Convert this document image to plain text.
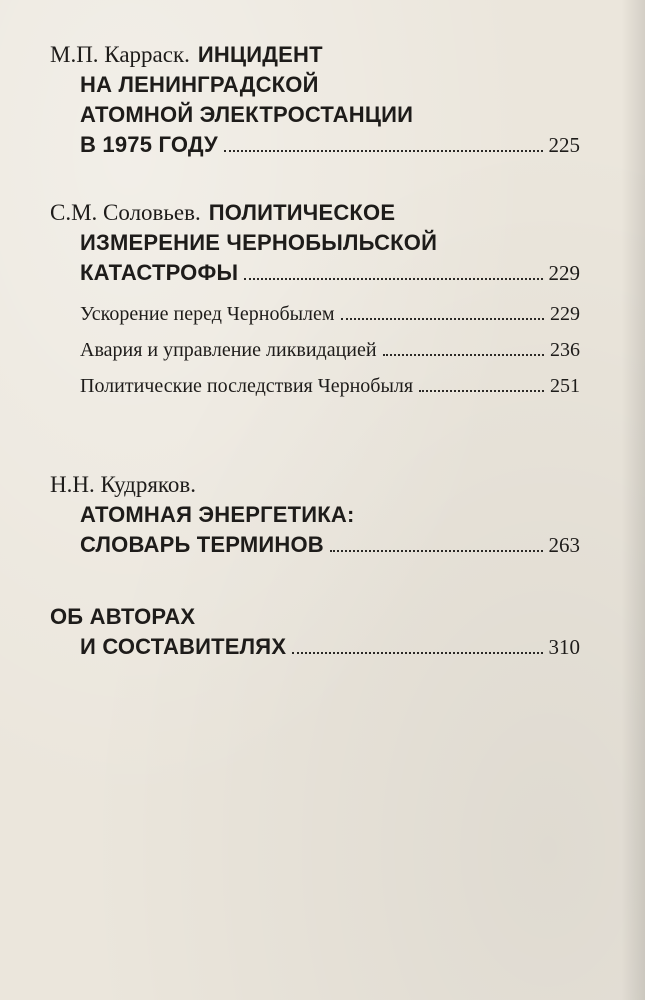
М.П. Карраск. ИНЦИДЕНТ
НА ЛЕНИНГРАДСКОЙ
АТОМНОЙ ЭЛЕКТРОСТАНЦИИ
В 1975 ГОДУ	225
С.М. Соловьев. ПОЛИТИЧЕСКОЕ
ИЗМЕРЕНИЕ ЧЕРНОБЫЛЬСКОЙ
КАТАСТРОФЫ	229
Ускорение перед Чернобылем	229
Авария и управление ликвидацией	236
Политические последствия Чернобыля	251
Н.Н. Кудряков.
АТОМНАЯ ЭНЕРГЕТИКА:
СЛОВАРЬ ТЕРМИНОВ	263
ОБ АВТОРАХ
И СОСТАВИТЕЛЯХ	310
